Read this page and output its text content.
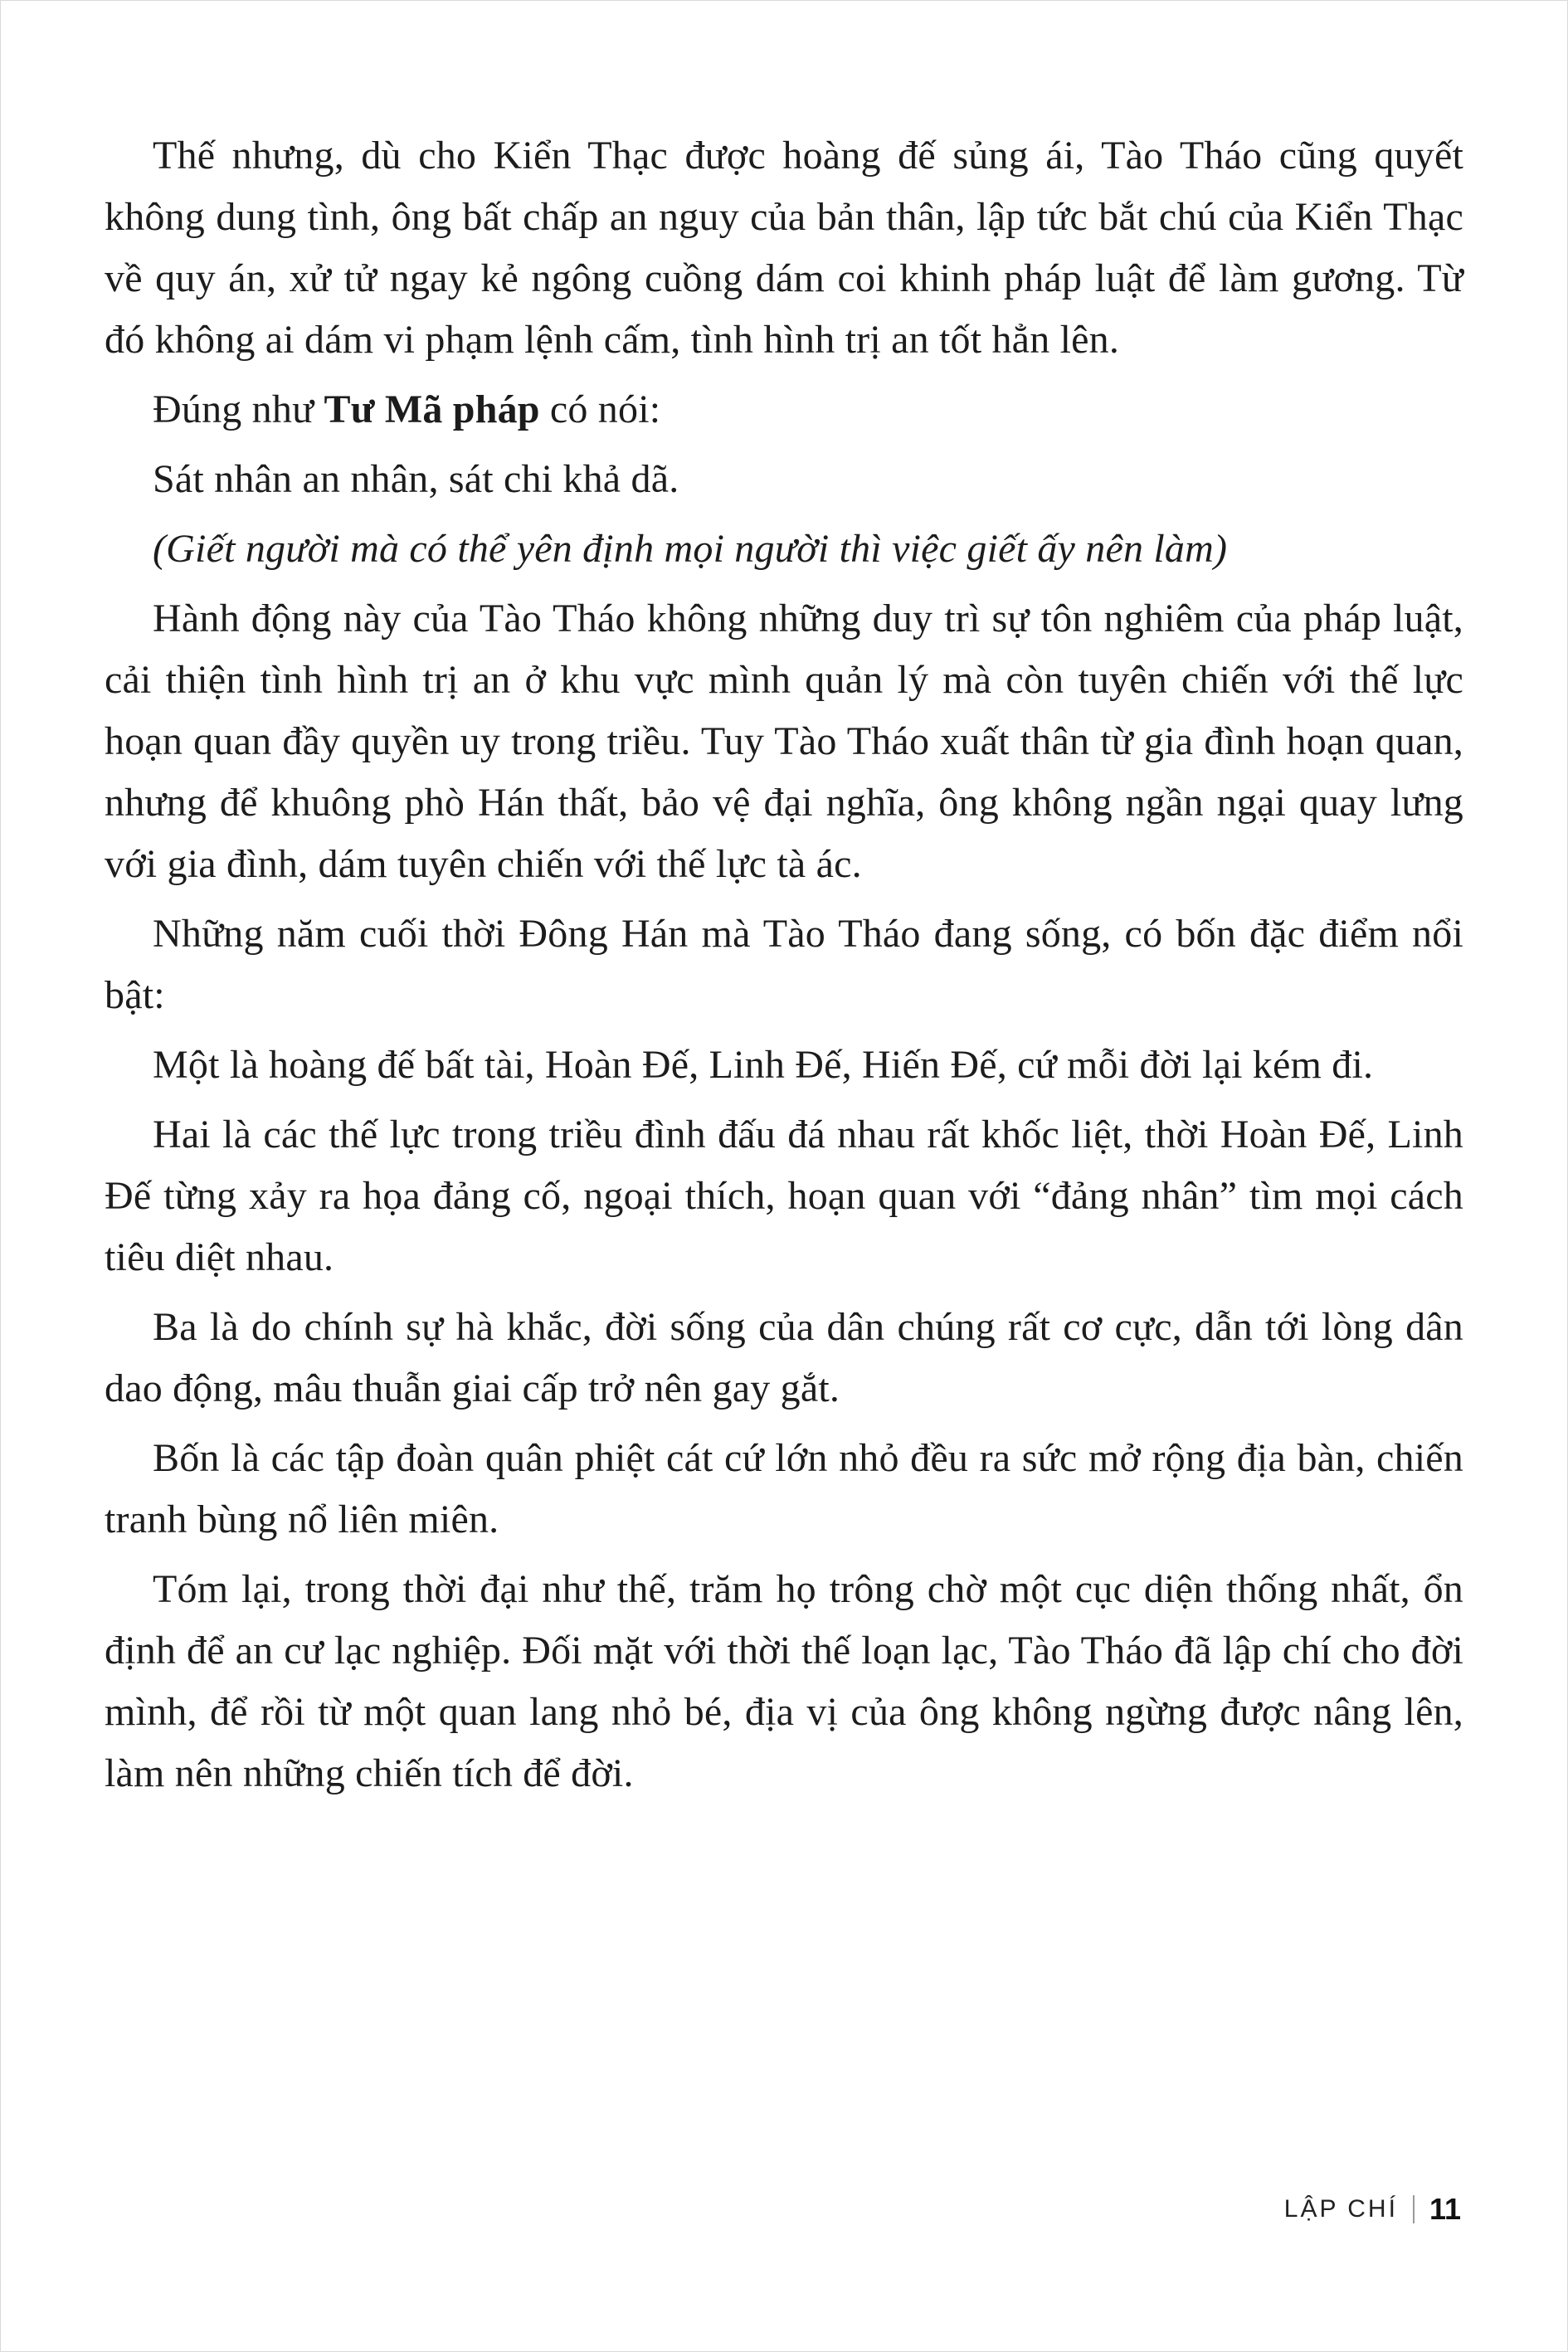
Thế nhưng, dù cho Kiển Thạc được hoàng đế sủng ái, Tào Tháo cũng quyết không dung tình, ông bất chấp an nguy của bản thân, lập tức bắt chú của Kiển Thạc về quy án, xử tử ngay kẻ ngông cuồng dám coi khinh pháp luật để làm gương. Từ đó không ai dám vi phạm lệnh cấm, tình hình trị an tốt hẳn lên.

Đúng như Tư Mã pháp có nói:

Sát nhân an nhân, sát chi khả dã.

(Giết người mà có thể yên định mọi người thì việc giết ấy nên làm)

Hành động này của Tào Tháo không những duy trì sự tôn nghiêm của pháp luật, cải thiện tình hình trị an ở khu vực mình quản lý mà còn tuyên chiến với thế lực hoạn quan đầy quyền uy trong triều. Tuy Tào Tháo xuất thân từ gia đình hoạn quan, nhưng để khuông phò Hán thất, bảo vệ đại nghĩa, ông không ngần ngại quay lưng với gia đình, dám tuyên chiến với thế lực tà ác.

Những năm cuối thời Đông Hán mà Tào Tháo đang sống, có bốn đặc điểm nổi bật:

Một là hoàng đế bất tài, Hoàn Đế, Linh Đế, Hiến Đế, cứ mỗi đời lại kém đi.

Hai là các thế lực trong triều đình đấu đá nhau rất khốc liệt, thời Hoàn Đế, Linh Đế từng xảy ra họa đảng cố, ngoại thích, hoạn quan với “đảng nhân” tìm mọi cách tiêu diệt nhau.

Ba là do chính sự hà khắc, đời sống của dân chúng rất cơ cực, dẫn tới lòng dân dao động, mâu thuẫn giai cấp trở nên gay gắt.

Bốn là các tập đoàn quân phiệt cát cứ lớn nhỏ đều ra sức mở rộng địa bàn, chiến tranh bùng nổ liên miên.

Tóm lại, trong thời đại như thế, trăm họ trông chờ một cục diện thống nhất, ổn định để an cư lạc nghiệp. Đối mặt với thời thế loạn lạc, Tào Tháo đã lập chí cho đời mình, để rồi từ một quan lang nhỏ bé, địa vị của ông không ngừng được nâng lên, làm nên những chiến tích để đời.

LẬP CHÍ 11
